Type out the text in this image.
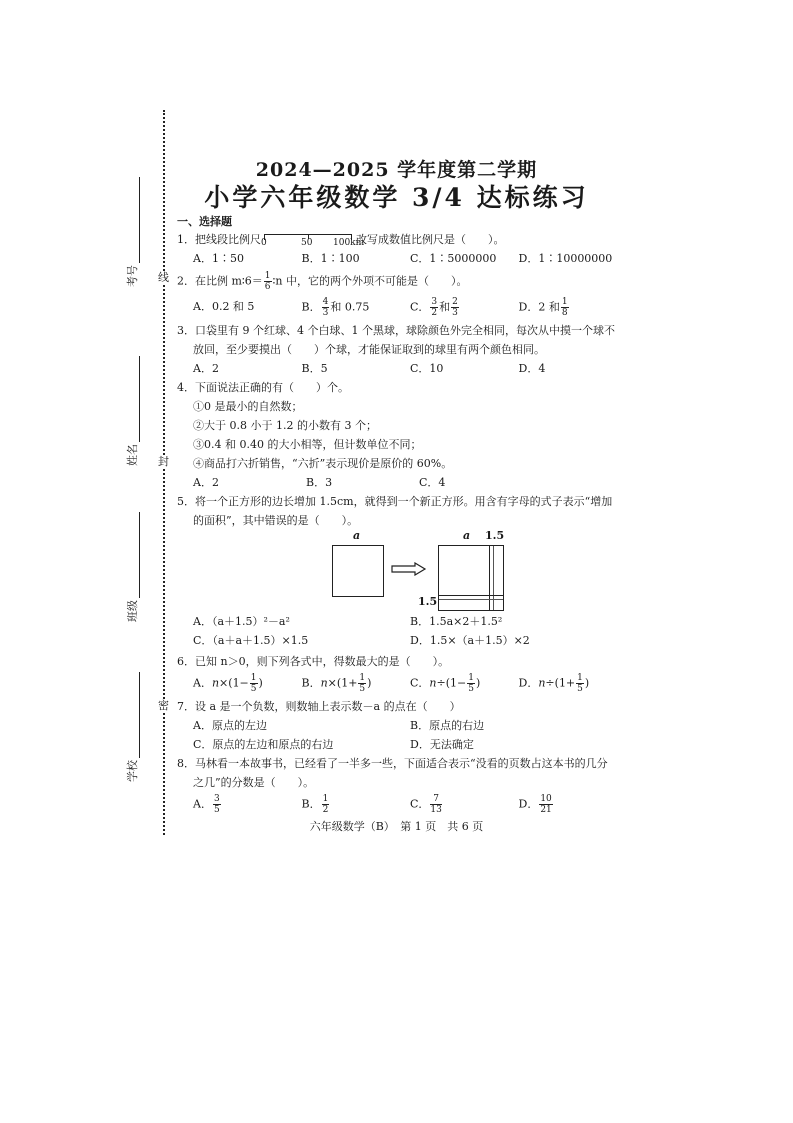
线
封
密
考号
姓名
班级
学校
2024—2025 学年度第二学期
小学六年级数学 3/4 达标练习
一、选择题
1．把线段比例尺 0	50 100km
改写成数值比例尺是（　　）。
A．1∶50	B．1∶100	C．1∶5000000	D．1∶10000000
2．在比例 m∶6＝ $\frac{1}{6}$ ∶n 中，它的两个外项不可能是（　　）。
A．0.2 和 5	B． $\frac{4}{3}$ 和 0.75	C． $\frac{3}{2}$ 和 $\frac{2}{3}$	D．2 和 $\frac{1}{8}$
3．口袋里有 9 个红球、4 个白球、1 个黑球，球除颜色外完全相同，每次从中摸一个球不
放回，至少要摸出（　　）个球，才能保证取到的球里有两个颜色相同。
A．2	B．5	C．10	D．4
4．下面说法正确的有（　　）个。
①0 是最小的自然数；
②大于 0.8 小于 1.2 的小数有 3 个；
③0.4 和 0.40 的大小相等，但计数单位不同；
④商品打六折销售，“六折”表示现价是原价的 60%。
A．2	B．3	C．4
5．将一个正方形的边长增加 1.5cm，就得到一个新正方形。用含有字母的式子表示“增加
的面积”，其中错误的是（　　）。
a	a 1.5
1.5
A．（a＋1.5）²－a²	B．1.5a×2＋1.5²
C．（a＋a＋1.5）×1.5	D．1.5×（a＋1.5）×2
6．已知 n＞0，则下列各式中，得数最大的是（　　）。
A．$n\times(1- \frac{1}{5}$ )	B．$n\times(1+ \frac{1}{5}$ )	C．$n\div(1- \frac{1}{5}$ )	D．$n\div(1+ \frac{1}{5}$ )
7．设 a 是一个负数，则数轴上表示数－a 的点在（　　）
A．原点的左边	B．原点的右边
C．原点的左边和原点的右边	D．无法确定
8．马林看一本故事书，已经看了一半多一些，下面适合表示“没看的页数占这本书的几分
之几”的分数是（　　）。
A． $\frac{3}{5}$	B． $\frac{1}{2}$	C． $\frac{7}{13}$	D． $\frac{10}{21}$
六年级数学（B）　第 1 页　共 6 页
